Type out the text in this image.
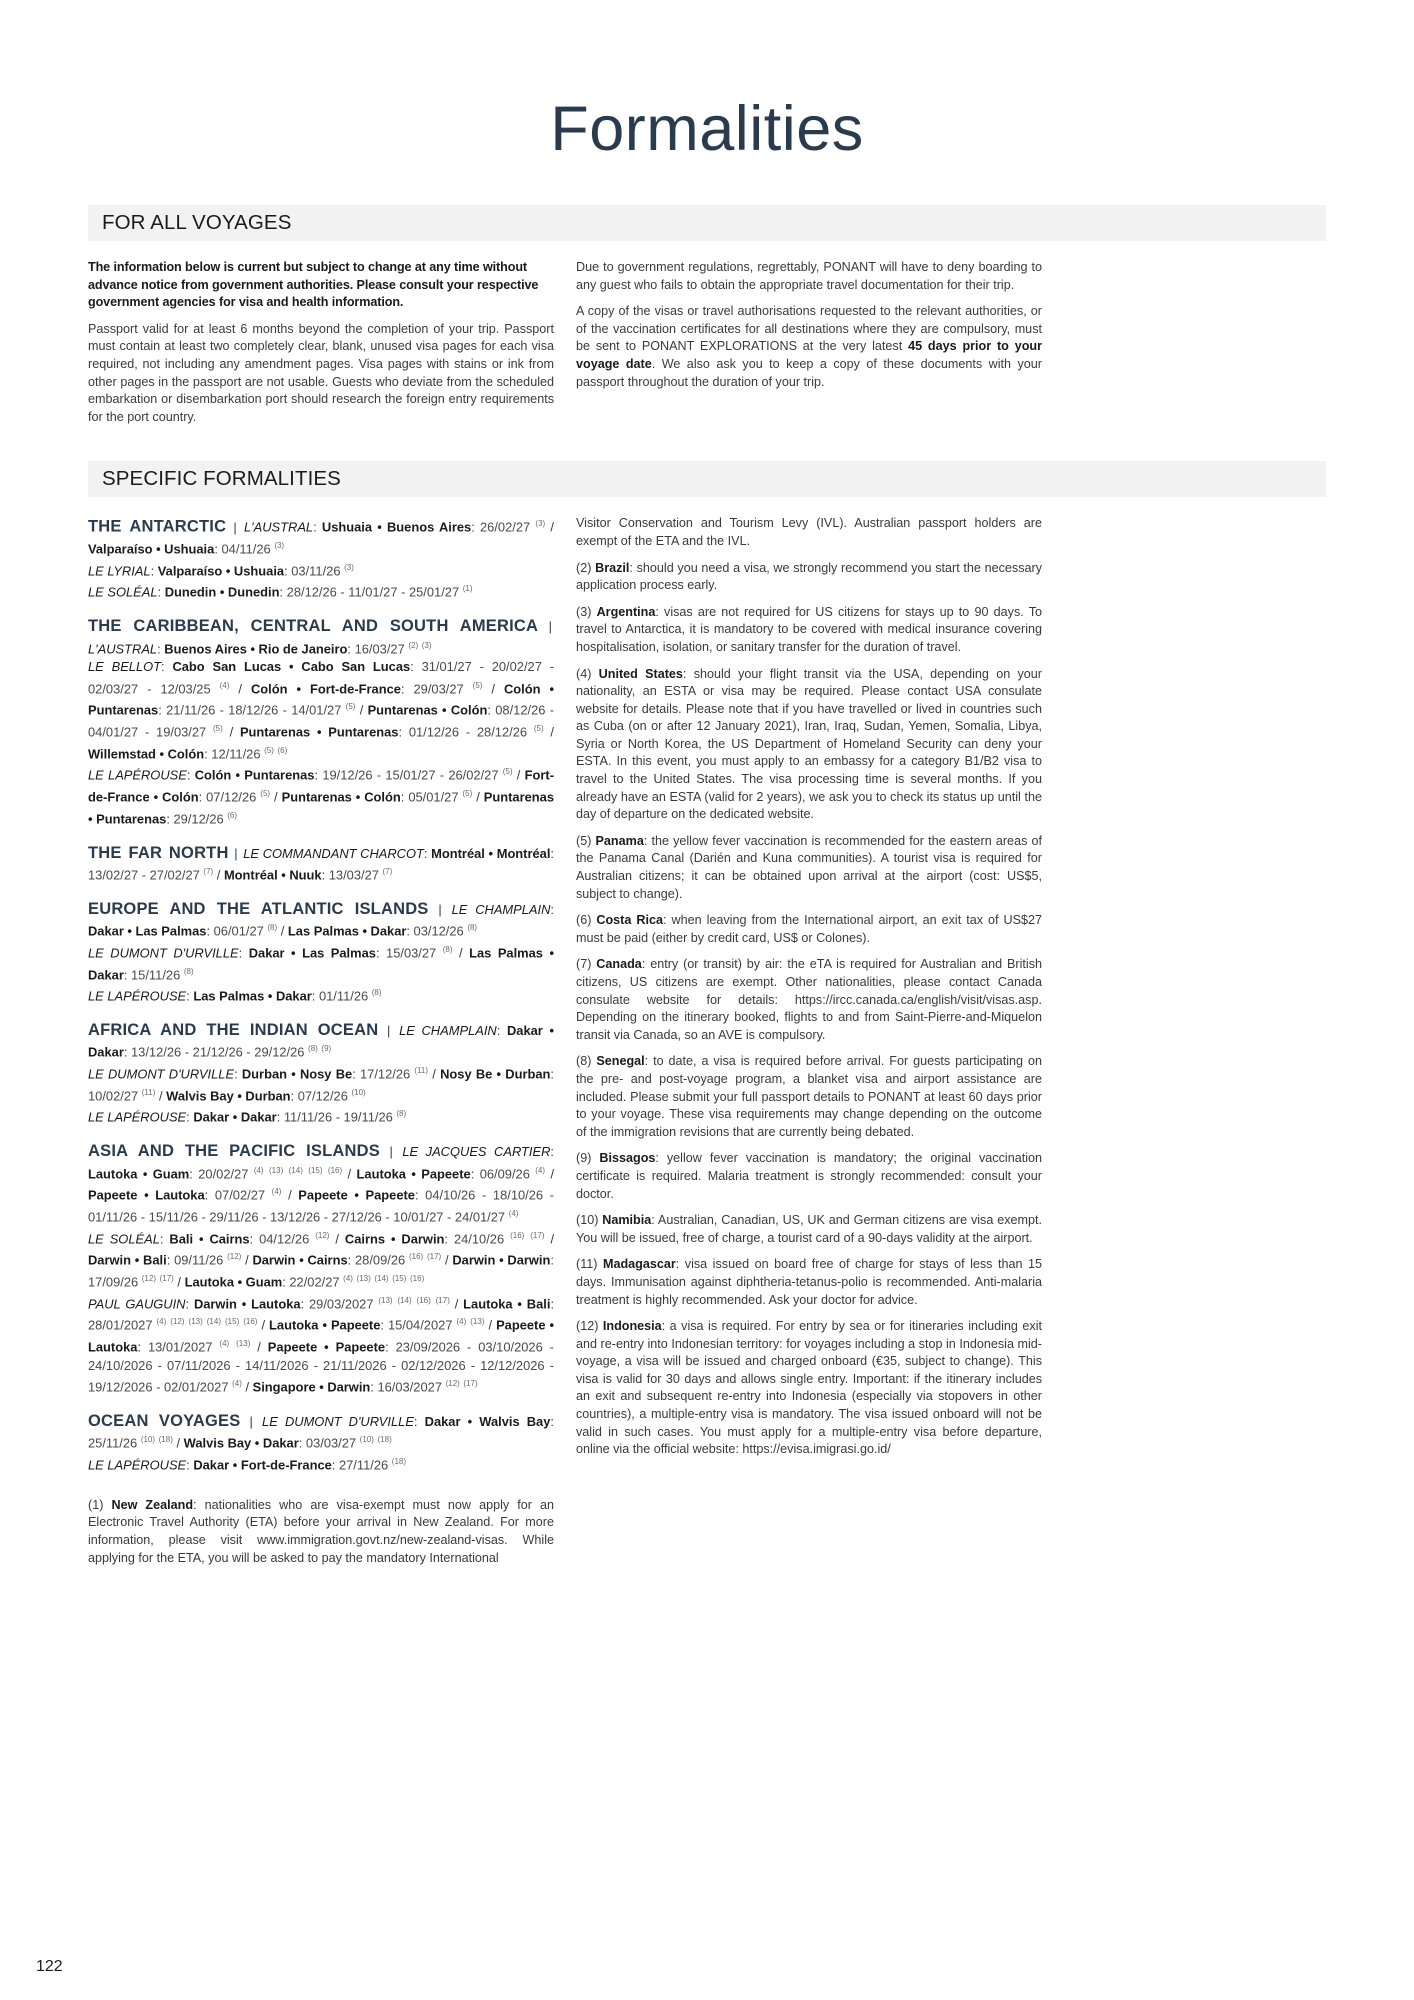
Formalities
FOR ALL VOYAGES

The information below is current but subject to change at any time without advance notice from government authorities. Please consult your respective government agencies for visa and health information.

Passport valid for at least 6 months beyond the completion of your trip. Passport must contain at least two completely clear, blank, unused visa pages for each visa required, not including any amendment pages. Visa pages with stains or ink from other pages in the passport are not usable. Guests who deviate from the scheduled embarkation or disembarkation port should research the foreign entry requirements for the port country.

Due to government regulations, regrettably, PONANT will have to deny boarding to any guest who fails to obtain the appropriate travel documentation for their trip.

A copy of the visas or travel authorisations requested to the relevant authorities, or of the vaccination certificates for all destinations where they are compulsory, must be sent to PONANT EXPLORATIONS at the very latest 45 days prior to your voyage date. We also ask you to keep a copy of these documents with your passport throughout the duration of your trip.

SPECIFIC FORMALITIES
THE ANTARCTIC | L'AUSTRAL: Ushuaia • Buenos Aires: 26/02/27 $^{(3)}$ / Valparaíso • Ushuaia: 04/11/26 $^{(3)}$
LE LYRIAL: Valparaíso • Ushuaia: 03/11/26 $^{(3)}$
LE SOLÉAL: Dunedin • Dunedin: 28/12/26 - 11/01/27 - 25/01/27 $^{(1)}$
THE CARIBBEAN, CENTRAL AND SOUTH AMERICA | L'AUSTRAL: Buenos Aires • Rio de Janeiro: 16/03/27 $^{(2)}$ $^{(3)}$
LE BELLOT: Cabo San Lucas • Cabo San Lucas: 31/01/27 - 20/02/27 - 02/03/27 - 12/03/25 $^{(4)}$ / Colón • Fort-de-France: 29/03/27 $^{(5)}$ / Colón • Puntarenas: 21/11/26 - 18/12/26 - 14/01/27 $^{(5)}$ / Puntarenas • Colón: 08/12/26 - 04/01/27 - 19/03/27 $^{(5)}$ / Puntarenas • Puntarenas: 01/12/26 - 28/12/26 $^{(5)}$ / Willemstad • Colón: 12/11/26 $^{(5)}$ $^{(6)}$
LE LAPÉROUSE: Colón • Puntarenas: 19/12/26 - 15/01/27 - 26/02/27 $^{(5)}$ / Fort-de-France • Colón: 07/12/26 $^{(5)}$ / Puntarenas • Colón: 05/01/27 $^{(5)}$ / Puntarenas • Puntarenas: 29/12/26 $^{(6)}$
THE FAR NORTH | LE COMMANDANT CHARCOT: Montréal • Montréal: 13/02/27 - 27/02/27 $^{(7)}$ / Montréal • Nuuk: 13/03/27 $^{(7)}$
EUROPE AND THE ATLANTIC ISLANDS | LE CHAMPLAIN: Dakar • Las Palmas: 06/01/27 $^{(8)}$ / Las Palmas • Dakar: 03/12/26 $^{(8)}$
LE DUMONT D'URVILLE: Dakar • Las Palmas: 15/03/27 $^{(8)}$ / Las Palmas • Dakar: 15/11/26 $^{(8)}$
LE LAPÉROUSE: Las Palmas • Dakar: 01/11/26 $^{(8)}$
AFRICA AND THE INDIAN OCEAN | LE CHAMPLAIN: Dakar • Dakar: 13/12/26 - 21/12/26 - 29/12/26 $^{(8)}$ $^{(9)}$
LE DUMONT D'URVILLE: Durban • Nosy Be: 17/12/26 $^{(11)}$ / Nosy Be • Durban: 10/02/27 $^{(11)}$ / Walvis Bay • Durban: 07/12/26 $^{(10)}$
LE LAPÉROUSE: Dakar • Dakar: 11/11/26 - 19/11/26 $^{(8)}$
ASIA AND THE PACIFIC ISLANDS | LE JACQUES CARTIER: Lautoka • Guam: 20/02/27 $^{(4)}$ $^{(13)}$ $^{(14)}$ $^{(15)}$ $^{(16)}$ / Lautoka • Papeete: 06/09/26 $^{(4)}$ / Papeete • Lautoka: 07/02/27 $^{(4)}$ / Papeete • Papeete: 04/10/26 - 18/10/26 - 01/11/26 - 15/11/26 - 29/11/26 - 13/12/26 - 27/12/26 - 10/01/27 - 24/01/27 $^{(4)}$
LE SOLÉAL: Bali • Cairns: 04/12/26 $^{(12)}$ / Cairns • Darwin: 24/10/26 $^{(16)}$ $^{(17)}$ / Darwin • Bali: 09/11/26 $^{(12)}$ / Darwin • Cairns: 28/09/26 $^{(16)}$ $^{(17)}$ / Darwin • Darwin: 17/09/26 $^{(12)}$ $^{(17)}$ / Lautoka • Guam: 22/02/27 $^{(4)}$ $^{(13)}$ $^{(14)}$ $^{(15)}$ $^{(16)}$
PAUL GAUGUIN: Darwin • Lautoka: 29/03/2027 $^{(13)}$ $^{(14)}$ $^{(16)}$ $^{(17)}$ / Lautoka • Bali: 28/01/2027 $^{(4)}$ $^{(12)}$ $^{(13)}$ $^{(14)}$ $^{(15)}$ $^{(16)}$ / Lautoka • Papeete: 15/04/2027 $^{(4)}$ $^{(13)}$ / Papeete • Lautoka: 13/01/2027 $^{(4)}$ $^{(13)}$ / Papeete • Papeete: 23/09/2026 - 03/10/2026 - 24/10/2026 - 07/11/2026 - 14/11/2026 - 21/11/2026 - 02/12/2026 - 12/12/2026 - 19/12/2026 - 02/01/2027 $^{(4)}$ / Singapore • Darwin: 16/03/2027 $^{(12)}$ $^{(17)}$
OCEAN VOYAGES | LE DUMONT D'URVILLE: Dakar • Walvis Bay: 25/11/26 $^{(10)}$ $^{(18)}$ / Walvis Bay • Dakar: 03/03/27 $^{(10)}$ $^{(18)}$
LE LAPÉROUSE: Dakar • Fort-de-France: 27/11/26 $^{(18)}$

(1) New Zealand: nationalities who are visa-exempt must now apply for an Electronic Travel Authority (ETA) before your arrival in New Zealand. For more information, please visit www.immigration.govt.nz/new-zealand-visas. While applying for the ETA, you will be asked to pay the mandatory International

Visitor Conservation and Tourism Levy (IVL). Australian passport holders are exempt of the ETA and the IVL.

(2) Brazil: should you need a visa, we strongly recommend you start the necessary application process early.

(3) Argentina: visas are not required for US citizens for stays up to 90 days. To travel to Antarctica, it is mandatory to be covered with medical insurance covering hospitalisation, isolation, or sanitary transfer for the duration of travel.

(4) United States: should your flight transit via the USA, depending on your nationality, an ESTA or visa may be required. Please contact USA consulate website for details. Please note that if you have travelled or lived in countries such as Cuba (on or after 12 January 2021), Iran, Iraq, Sudan, Yemen, Somalia, Libya, Syria or North Korea, the US Department of Homeland Security can deny your ESTA. In this event, you must apply to an embassy for a category B1/B2 visa to travel to the United States. The visa processing time is several months. If you already have an ESTA (valid for 2 years), we ask you to check its status up until the day of departure on the dedicated website.

(5) Panama: the yellow fever vaccination is recommended for the eastern areas of the Panama Canal (Darién and Kuna communities). A tourist visa is required for Australian citizens; it can be obtained upon arrival at the airport (cost: US$5, subject to change).

(6) Costa Rica: when leaving from the International airport, an exit tax of US$27 must be paid (either by credit card, US$ or Colones).

(7) Canada: entry (or transit) by air: the eTA is required for Australian and British citizens, US citizens are exempt. Other nationalities, please contact Canada consulate website for details: https://ircc.canada.ca/english/visit/visas.asp. Depending on the itinerary booked, flights to and from Saint-Pierre-and-Miquelon transit via Canada, so an AVE is compulsory.

(8) Senegal: to date, a visa is required before arrival. For guests participating on the pre- and post-voyage program, a blanket visa and airport assistance are included. Please submit your full passport details to PONANT at least 60 days prior to your voyage. These visa requirements may change depending on the outcome of the immigration revisions that are currently being debated.

(9) Bissagos: yellow fever vaccination is mandatory; the original vaccination certificate is required. Malaria treatment is strongly recommended: consult your doctor.

(10) Namibia: Australian, Canadian, US, UK and German citizens are visa exempt. You will be issued, free of charge, a tourist card of a 90-days validity at the airport.

(11) Madagascar: visa issued on board free of charge for stays of less than 15 days. Immunisation against diphtheria-tetanus-polio is recommended. Anti-malaria treatment is highly recommended. Ask your doctor for advice.

(12) Indonesia: a visa is required. For entry by sea or for itineraries including exit and re-entry into Indonesian territory: for voyages including a stop in Indonesia mid-voyage, a visa will be issued and charged onboard (€35, subject to change). This visa is valid for 30 days and allows single entry. Important: if the itinerary includes an exit and subsequent re-entry into Indonesia (especially via stopovers in other countries), a multiple-entry visa is mandatory. The visa issued onboard will not be valid in such cases. You must apply for a multiple-entry visa before departure, online via the official website: https://evisa.imigrasi.go.id/

122
